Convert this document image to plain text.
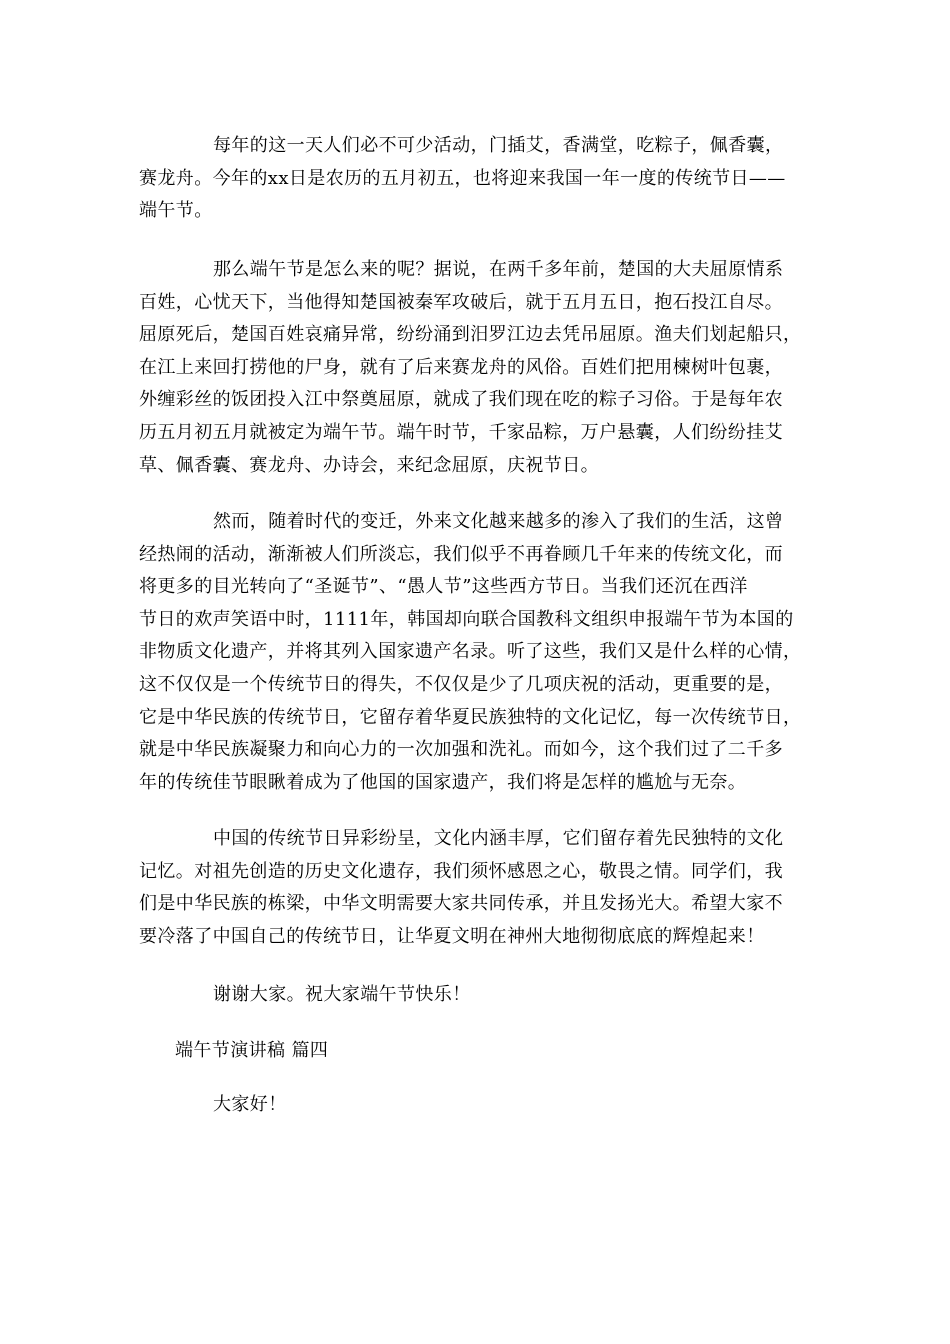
每年的这一天人们必不可少活动，门插艾，香满堂，吃粽子，佩香囊，
赛龙舟。今年的xx日是农历的五月初五，也将迎来我国一年一度的传统节日——
端午节。
那么端午节是怎么来的呢？据说，在两千多年前，楚国的大夫屈原情系
百姓，心忧天下，当他得知楚国被秦军攻破后，就于五月五日，抱石投江自尽。
屈原死后，楚国百姓哀痛异常，纷纷涌到汨罗江边去凭吊屈原。渔夫们划起船只，
在江上来回打捞他的尸身，就有了后来赛龙舟的风俗。百姓们把用楝树叶包裹，
外缠彩丝的饭团投入江中祭奠屈原，就成了我们现在吃的粽子习俗。于是每年农
历五月初五月就被定为端午节。端午时节，千家品粽，万户悬囊，人们纷纷挂艾
草、佩香囊、赛龙舟、办诗会，来纪念屈原，庆祝节日。
然而，随着时代的变迁，外来文化越来越多的渗入了我们的生活，这曾
经热闹的活动，渐渐被人们所淡忘，我们似乎不再眷顾几千年来的传统文化，而
将更多的目光转向了“圣诞节”、“愚人节”这些西方节日。当我们还沉在西洋
节日的欢声笑语中时，1111年，韩国却向联合国教科文组织申报端午节为本国的
非物质文化遗产，并将其列入国家遗产名录。听了这些，我们又是什么样的心情，
这不仅仅是一个传统节日的得失，不仅仅是少了几项庆祝的活动，更重要的是，
它是中华民族的传统节日，它留存着华夏民族独特的文化记忆，每一次传统节日，
就是中华民族凝聚力和向心力的一次加强和洗礼。而如今，这个我们过了二千多
年的传统佳节眼瞅着成为了他国的国家遗产，我们将是怎样的尴尬与无奈。
中国的传统节日异彩纷呈，文化内涵丰厚，它们留存着先民独特的文化
记忆。对祖先创造的历史文化遗存，我们须怀感恩之心，敬畏之情。同学们，我
们是中华民族的栋梁，中华文明需要大家共同传承，并且发扬光大。希望大家不
要冷落了中国自己的传统节日，让华夏文明在神州大地彻彻底底的辉煌起来！

谢谢大家。祝大家端午节快乐！

端午节演讲稿 篇四

大家好！
